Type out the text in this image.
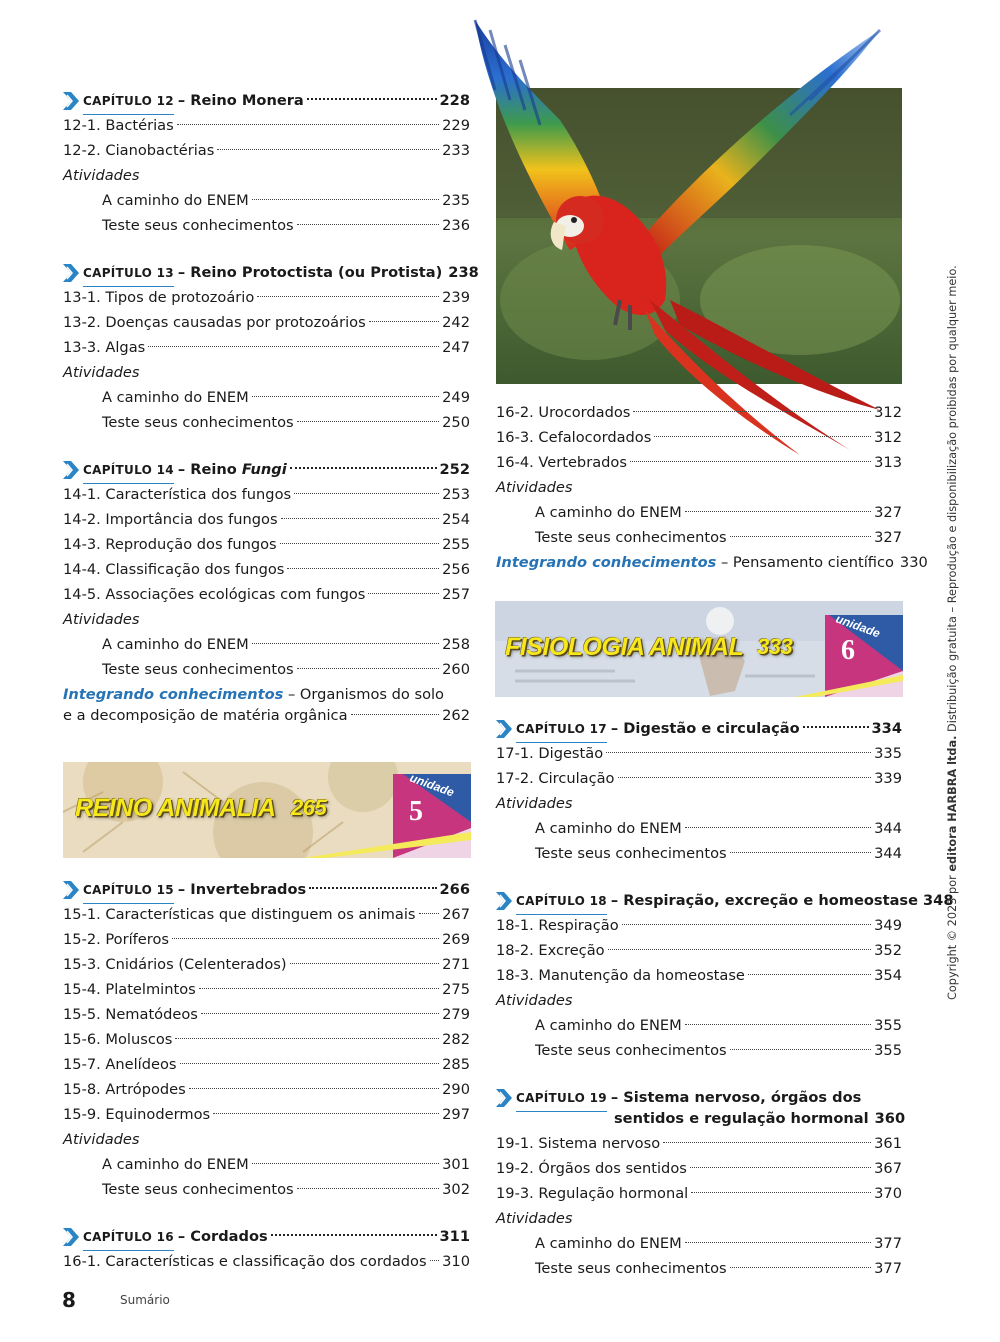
CAPÍTULO 12 – Reino Monera	228
12-1. Bactérias	229
12-2. Cianobactérias	233
Atividades
A caminho do ENEM	235
Teste seus conhecimentos	236
CAPÍTULO 13 – Reino Protoctista (ou Protista) 238
13-1. Tipos de protozoário	239
13-2. Doenças causadas por protozoários	242
13-3. Algas	247
Atividades
A caminho do ENEM	249
Teste seus conhecimentos	250
CAPÍTULO 14 – Reino Fungi	252
14-1. Característica dos fungos	253
14-2. Importância dos fungos	254
14-3. Reprodução dos fungos	255
14-4. Classificação dos fungos	256
14-5. Associações ecológicas com fungos	257
Atividades
A caminho do ENEM	258
Teste seus conhecimentos	260
Integrando conhecimentos – Organismos do solo
e a decomposição de matéria orgânica	262
REINO ANIMALIA 265
unidade
5
CAPÍTULO 15 – Invertebrados	266
15-1. Características que distinguem os animais 267
15-2. Poríferos	269
15-3. Cnidários (Celenterados)	271
15-4. Platelmintos	275
15-5. Nematódeos	279
15-6. Moluscos	282
15-7. Anelídeos	285
15-8. Artrópodes	290
15-9. Equinodermos	297
Atividades
A caminho do ENEM	301
Teste seus conhecimentos	302
CAPÍTULO 16 – Cordados	311
16-1. Características e classificação dos cordados 310
16-2. Urocordados	312
16-3. Cefalocordados	312
16-4. Vertebrados	313
Atividades
A caminho do ENEM	327
Teste seus conhecimentos	327
Integrando conhecimentos – Pensamento científico 330
FISIOLOGIA ANIMAL 333
unidade
6
CAPÍTULO 17 – Digestão e circulação	334
17-1. Digestão	335
17-2. Circulação	339
Atividades
A caminho do ENEM	344
Teste seus conhecimentos	344
CAPÍTULO 18 – Respiração, excreção e homeostase 348
18-1. Respiração	349
18-2. Excreção	352
18-3. Manutenção da homeostase	354
Atividades
A caminho do ENEM	355
Teste seus conhecimentos	355
CAPÍTULO 19 – Sistema nervoso, órgãos dos
sentidos e regulação hormonal 360
19-1. Sistema nervoso	361
19-2. Órgãos dos sentidos	367
19-3. Regulação hormonal	370
Atividades
A caminho do ENEM	377
Teste seus conhecimentos	377
8	Sumário
Copyright © 2023 por editora HARBRA ltda. Distribuição gratuita – Reprodução e disponibilização proibidas por qualquer meio.
